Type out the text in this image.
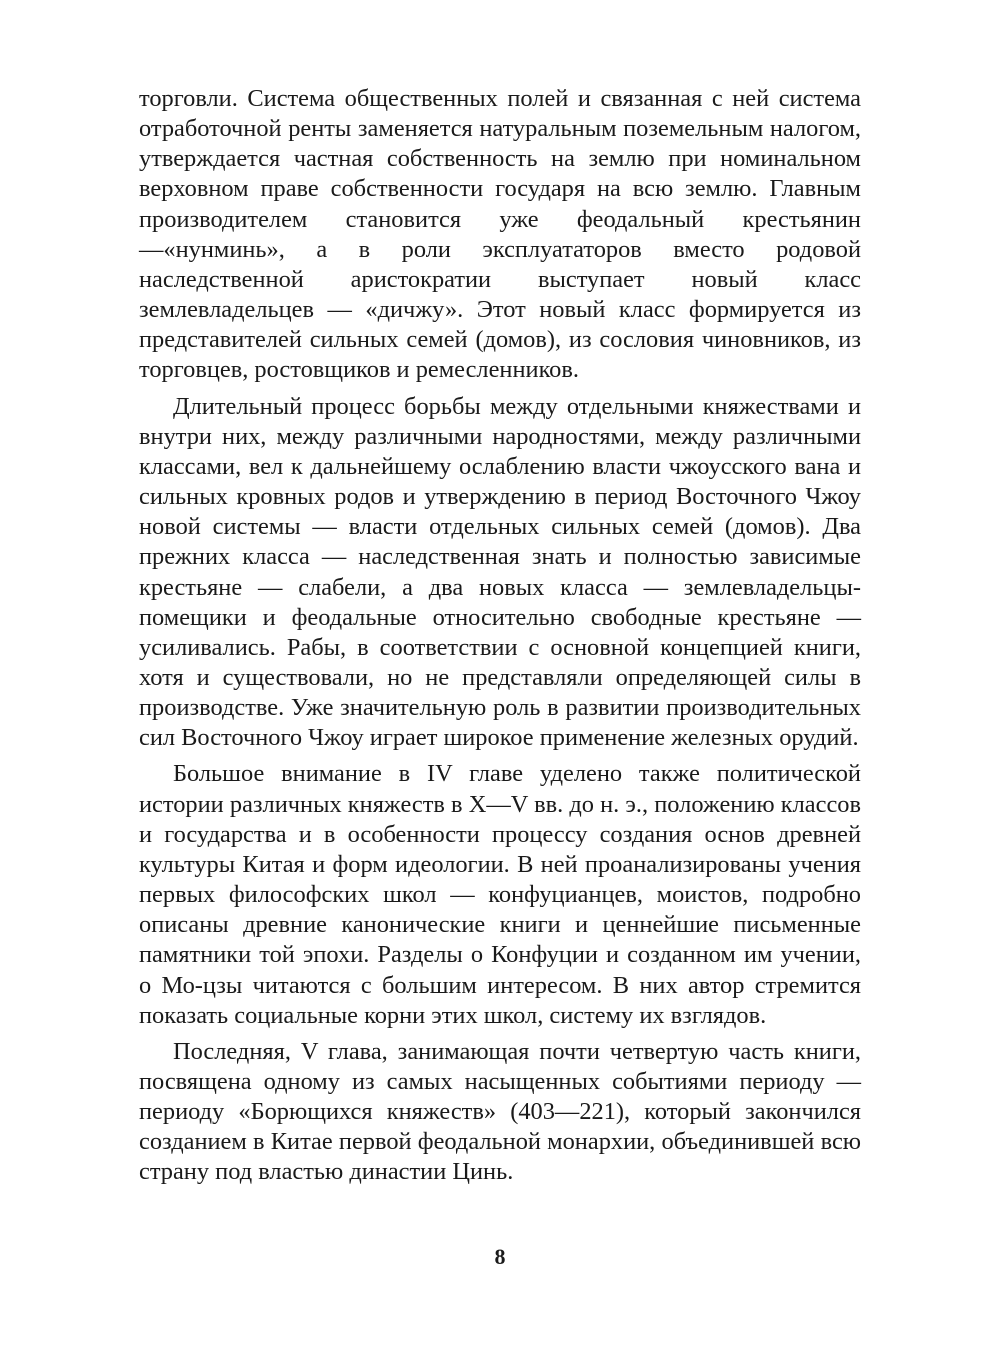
торговли. Система общественных полей и связанная с ней система отработочной ренты заменяется натуральным поземельным налогом, утверждается частная собственность на землю при номинальном верховном праве собственности государя на всю землю. Главным производителем становится уже феодальный крестьянин —«нунминь», а в роли эксплуататоров вместо родовой наследственной аристократии выступает новый класс землевладельцев — «дичжу». Этот новый класс формируется из представителей сильных семей (домов), из сословия чиновников, из торговцев, ростовщиков и ремесленников.

Длительный процесс борьбы между отдельными княжествами и внутри них, между различными народностями, между различными классами, вел к дальнейшему ослаблению власти чжоусского вана и сильных кровных родов и утверждению в период Восточного Чжоу новой системы — власти отдельных сильных семей (домов). Два прежних класса — наследственная знать и полностью зависимые крестьяне — слабели, а два новых класса — землевладельцы-помещики и феодальные относительно свободные крестьяне — усиливались. Рабы, в соответствии с основной концепцией книги, хотя и существовали, но не представляли определяющей силы в производстве. Уже значительную роль в развитии производительных сил Восточного Чжоу играет широкое применение железных орудий.

Большое внимание в IV главе уделено также политической истории различных княжеств в X—V вв. до н. э., положению классов и государства и в особенности процессу создания основ древней культуры Китая и форм идеологии. В ней проанализированы учения первых философских школ — конфуцианцев, моистов, подробно описаны древние канонические книги и ценнейшие письменные памятники той эпохи. Разделы о Конфуции и созданном им учении, о Мо-цзы читаются с большим интересом. В них автор стремится показать социальные корни этих школ, систему их взглядов.

Последняя, V глава, занимающая почти четвертую часть книги, посвящена одному из самых насыщенных событиями периоду — периоду «Борющихся княжеств» (403—221), который закончился созданием в Китае первой феодальной монархии, объединившей всю страну под властью династии Цинь.

8
